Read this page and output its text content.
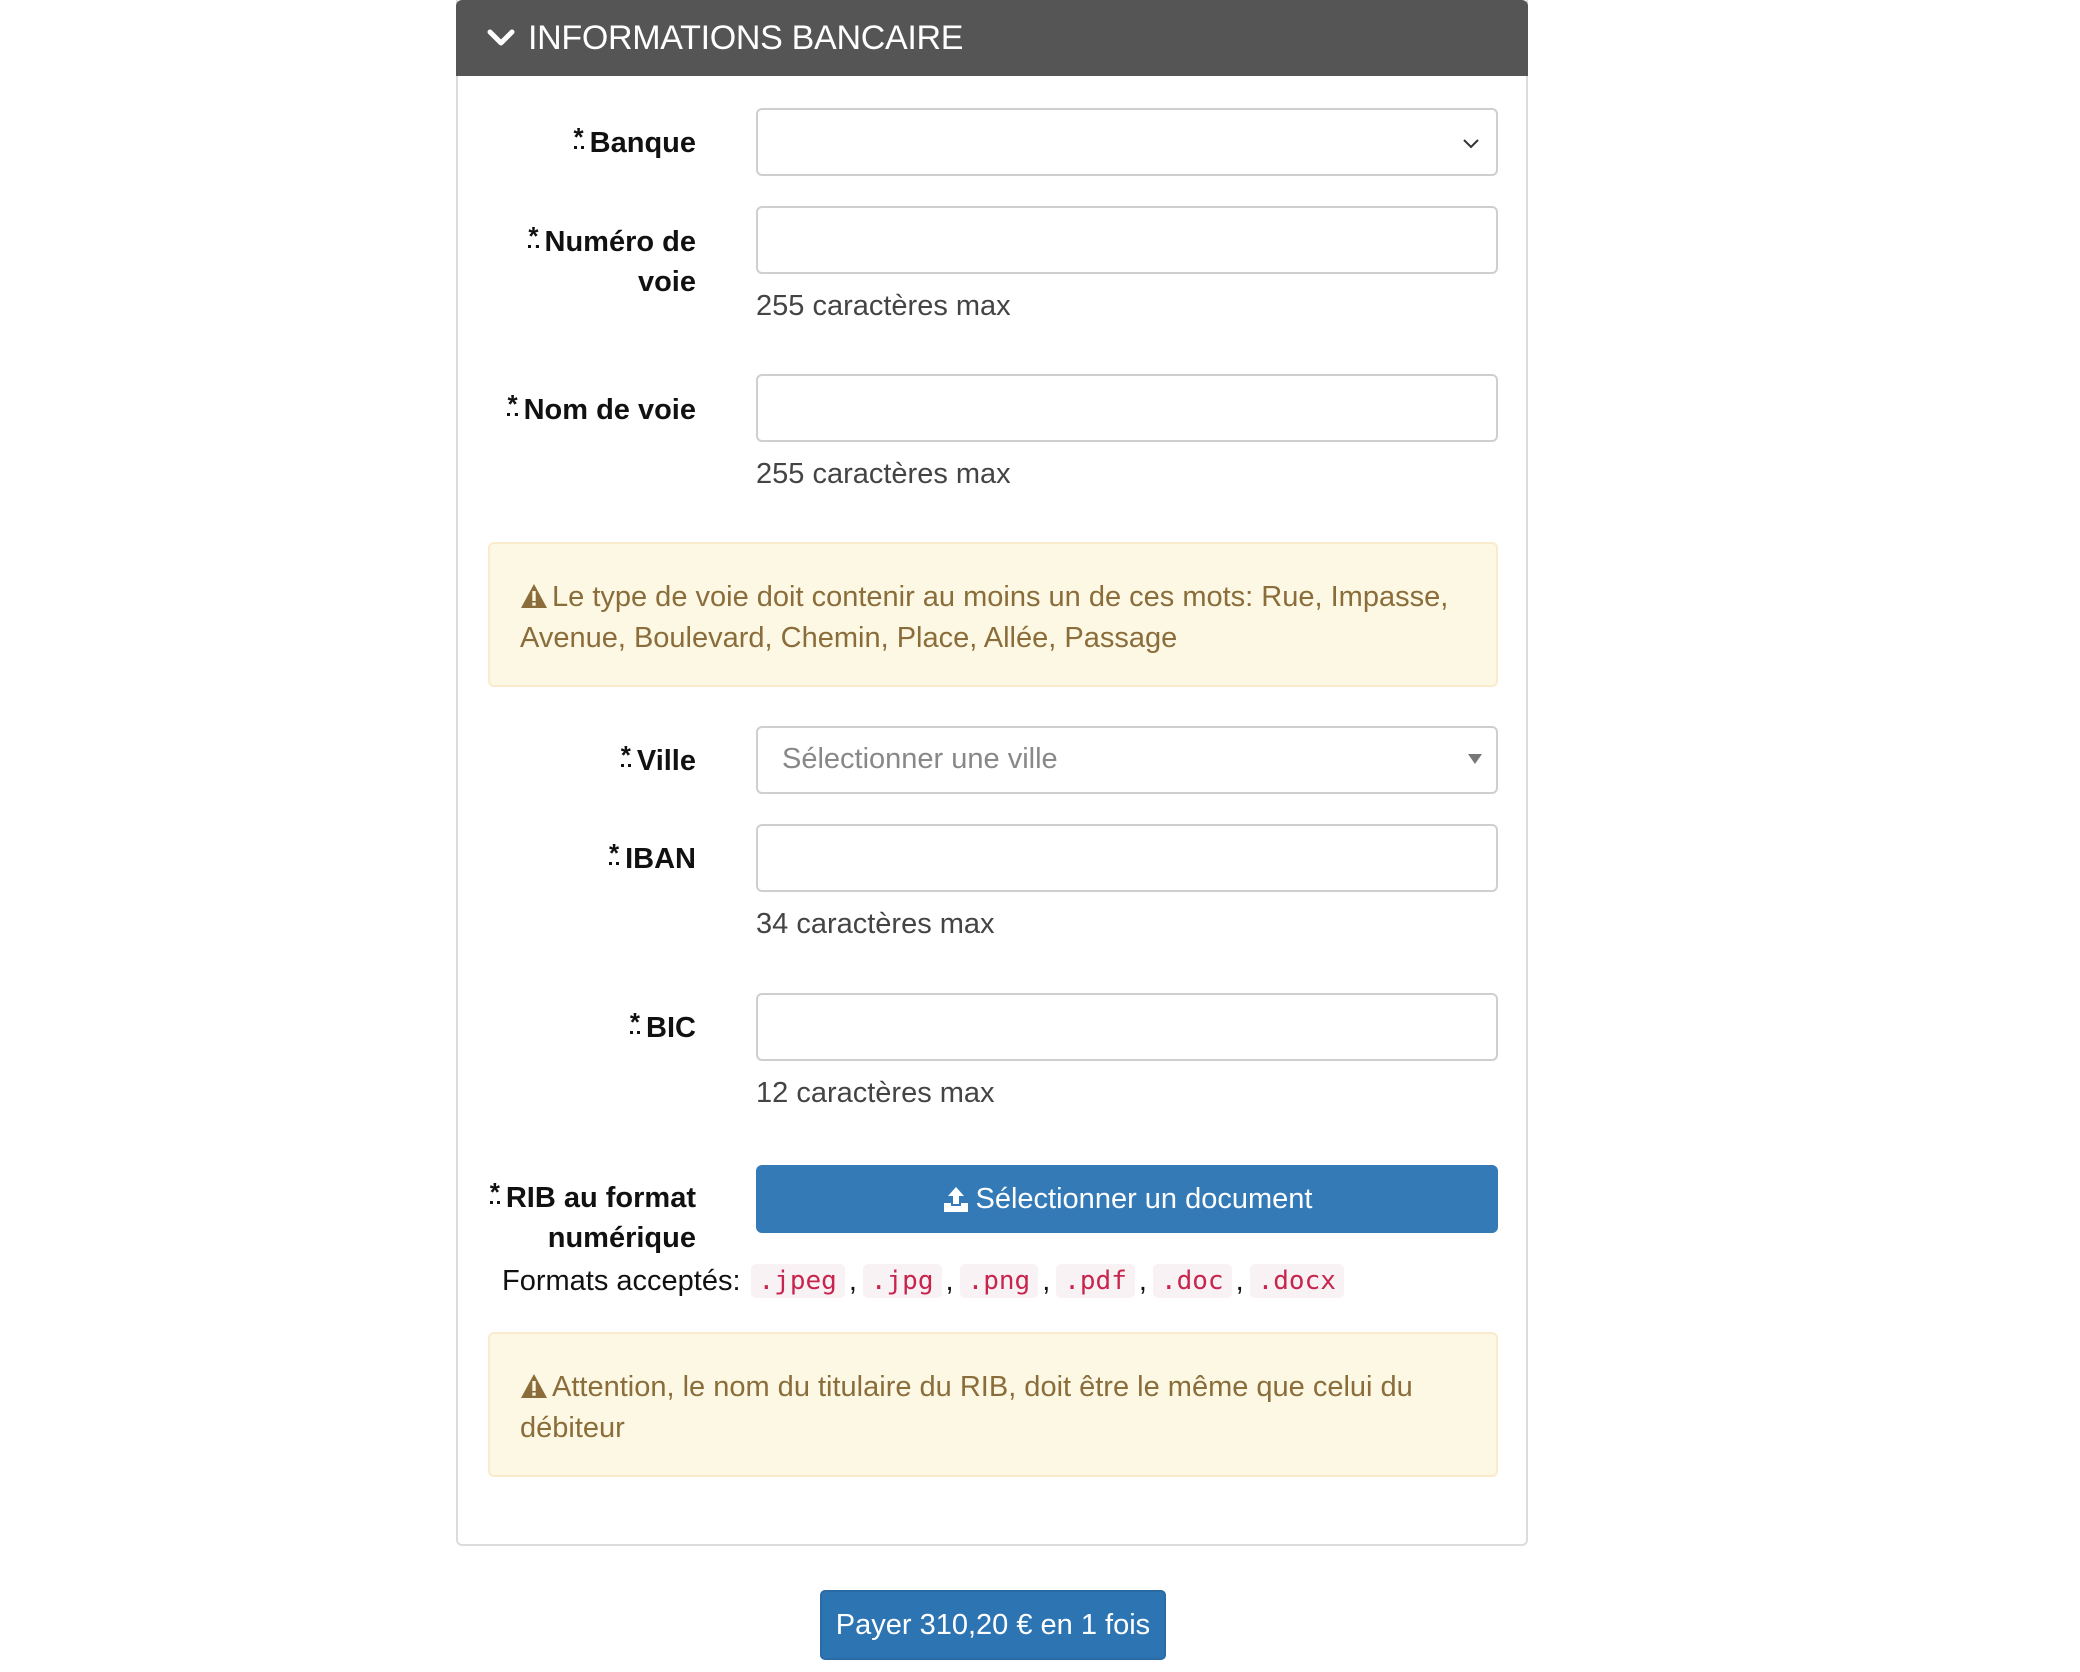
INFORMATIONS BANCAIRE
* Banque
* Numéro de
voie
255 caractères max
* Nom de voie
255 caractères max
Le type de voie doit contenir au moins un de ces mots: Rue, Impasse, Avenue, Boulevard, Chemin, Place, Allée, Passage
* Ville	Sélectionner une ville
* IBAN
34 caractères max
* BIC
12 caractères max
* RIB au format
numérique
Sélectionner un document
Formats acceptés: .jpeg , .jpg , .png , .pdf , .doc , .docx
Attention, le nom du titulaire du RIB, doit être le même que celui du débiteur
Payer 310,20 € en 1 fois
